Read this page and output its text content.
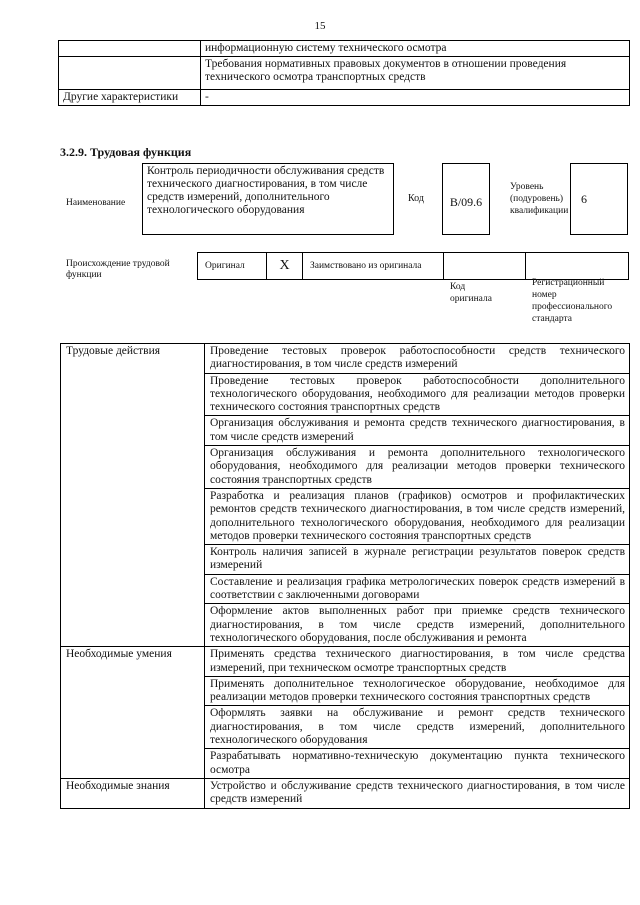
15
	информационную систему технического осмотра
	Требования нормативных правовых документов в отношении проведения технического осмотра транспортных средств
Другие характеристики	-
3.2.9. Трудовая функция
Наименование
Контроль периодичности обслуживания средств технического диагностирования, в том числе средств измерений, дополнительного технологического оборудования
Код	B/09.6
Уровень
(подуровень)
квалификации
6
Происхождение трудовой
функции
Оригинал	X	Заимствовано из оригинала
Код
оригинала
Регистрационный
номер
профессионального
стандарта
Трудовые действия	Проведение тестовых проверок работоспособности средств технического диагностирования, в том числе средств измерений
	Проведение тестовых проверок работоспособности дополнительного технологического оборудования, необходимого для реализации методов проверки технического состояния транспортных средств
	Организация обслуживания и ремонта средств технического диагностирования, в том числе средств измерений
	Организация обслуживания и ремонта дополнительного технологического оборудования, необходимого для реализации методов проверки технического состояния транспортных средств
	Разработка и реализация планов (графиков) осмотров и профилактических ремонтов средств технического диагностирования, в том числе средств измерений, дополнительного технологического оборудования, необходимого для реализации методов проверки технического состояния транспортных средств
	Контроль наличия записей в журнале регистрации результатов поверок средств измерений
	Составление и реализация графика метрологических поверок средств измерений в соответствии с заключенными договорами
	Оформление актов выполненных работ при приемке средств технического диагностирования, в том числе средств измерений, дополнительного технологического оборудования, после обслуживания и ремонта
Необходимые умения	Применять средства технического диагностирования, в том числе средства измерений, при техническом осмотре транспортных средств
	Применять дополнительное технологическое оборудование, необходимое для реализации методов проверки технического состояния транспортных средств
	Оформлять заявки на обслуживание и ремонт средств технического диагностирования, в том числе средств измерений, дополнительного технологического оборудования
	Разрабатывать нормативно-техническую документацию пункта технического осмотра
Необходимые знания	Устройство и обслуживание средств технического диагностирования, в том числе средств измерений
